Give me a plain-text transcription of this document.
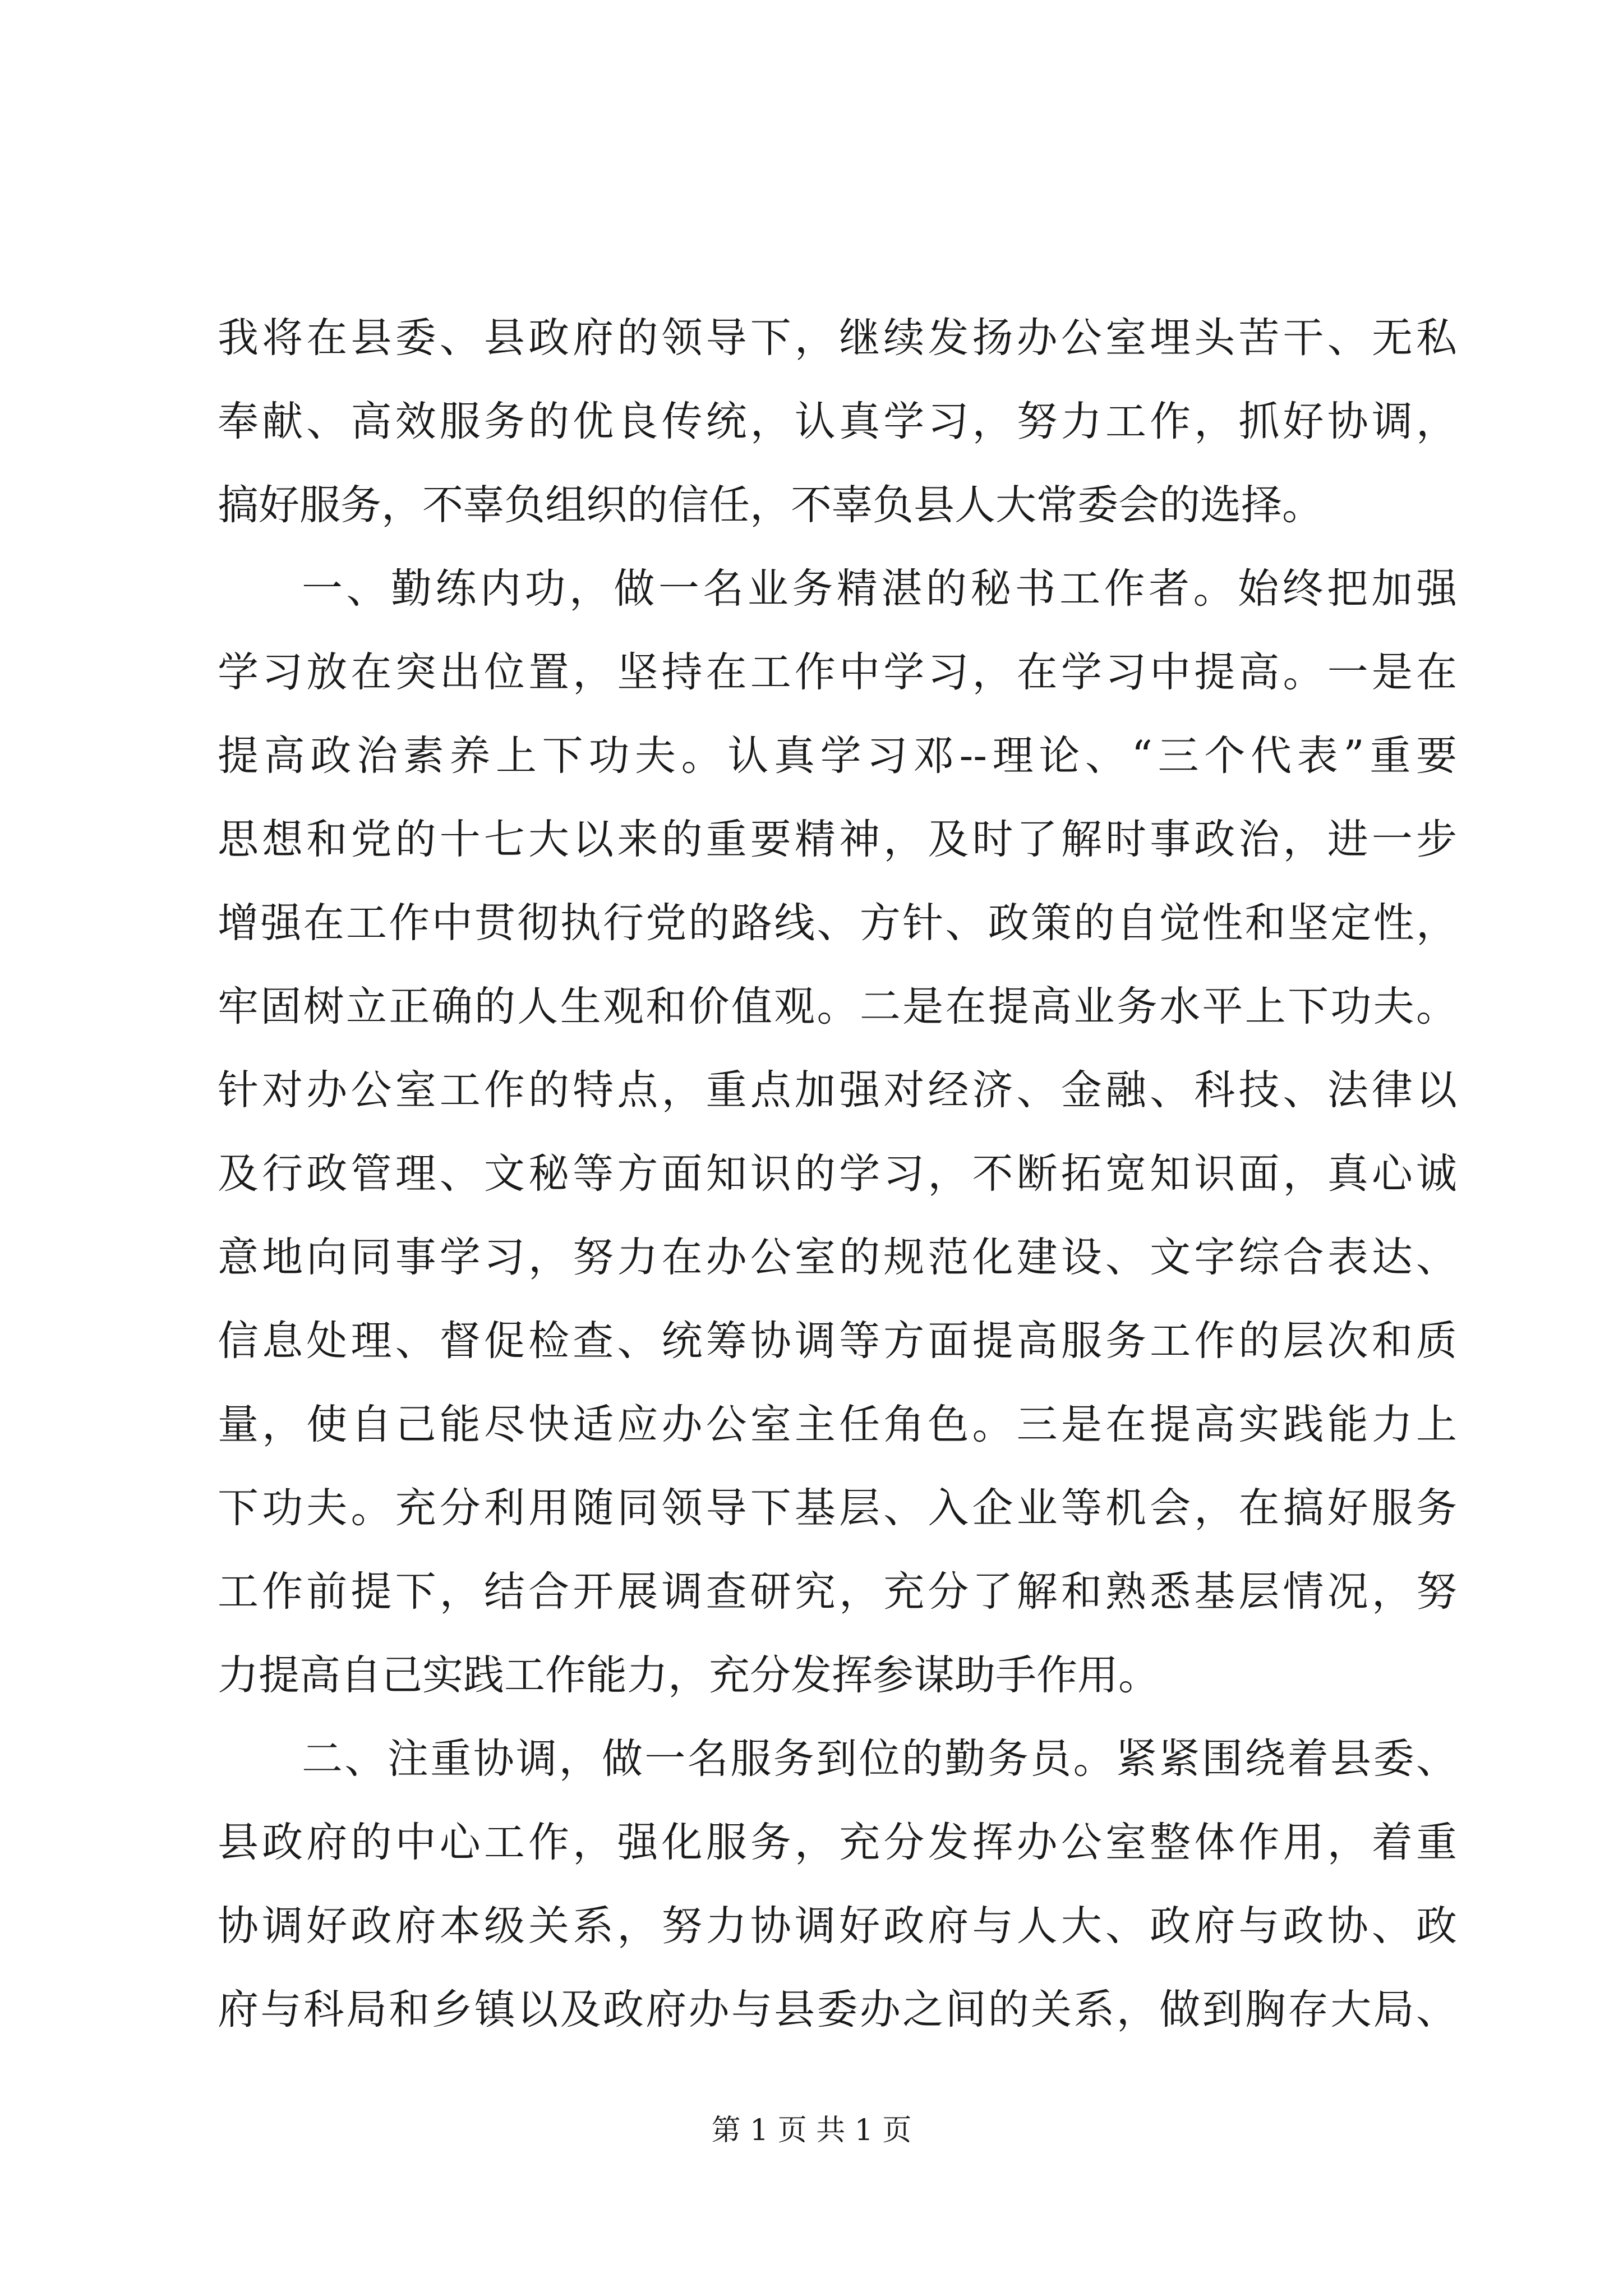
我将在县委、县政府的领导下，继续发扬办公室埋头苦干、无私
奉献、高效服务的优良传统，认真学习，努力工作，抓好协调，
搞好服务，不辜负组织的信任，不辜负县人大常委会的选择。
一、勤练内功，做一名业务精湛的秘书工作者。始终把加强
学习放在突出位置，坚持在工作中学习，在学习中提高。一是在
提高政治素养上下功夫。认真学习邓--理论、“三个代表”重要
思想和党的十七大以来的重要精神，及时了解时事政治，进一步
增强在工作中贯彻执行党的路线、方针、政策的自觉性和坚定性，
牢固树立正确的人生观和价值观。二是在提高业务水平上下功夫。
针对办公室工作的特点，重点加强对经济、金融、科技、法律以
及行政管理、文秘等方面知识的学习，不断拓宽知识面，真心诚
意地向同事学习，努力在办公室的规范化建设、文字综合表达、
信息处理、督促检查、统筹协调等方面提高服务工作的层次和质
量，使自己能尽快适应办公室主任角色。三是在提高实践能力上
下功夫。充分利用随同领导下基层、入企业等机会，在搞好服务
工作前提下，结合开展调查研究，充分了解和熟悉基层情况，努
力提高自己实践工作能力，充分发挥参谋助手作用。
二、注重协调，做一名服务到位的勤务员。紧紧围绕着县委、
县政府的中心工作，强化服务，充分发挥办公室整体作用，着重
协调好政府本级关系，努力协调好政府与人大、政府与政协、政
府与科局和乡镇以及政府办与县委办之间的关系，做到胸存大局、
第 1 页 共 1 页
